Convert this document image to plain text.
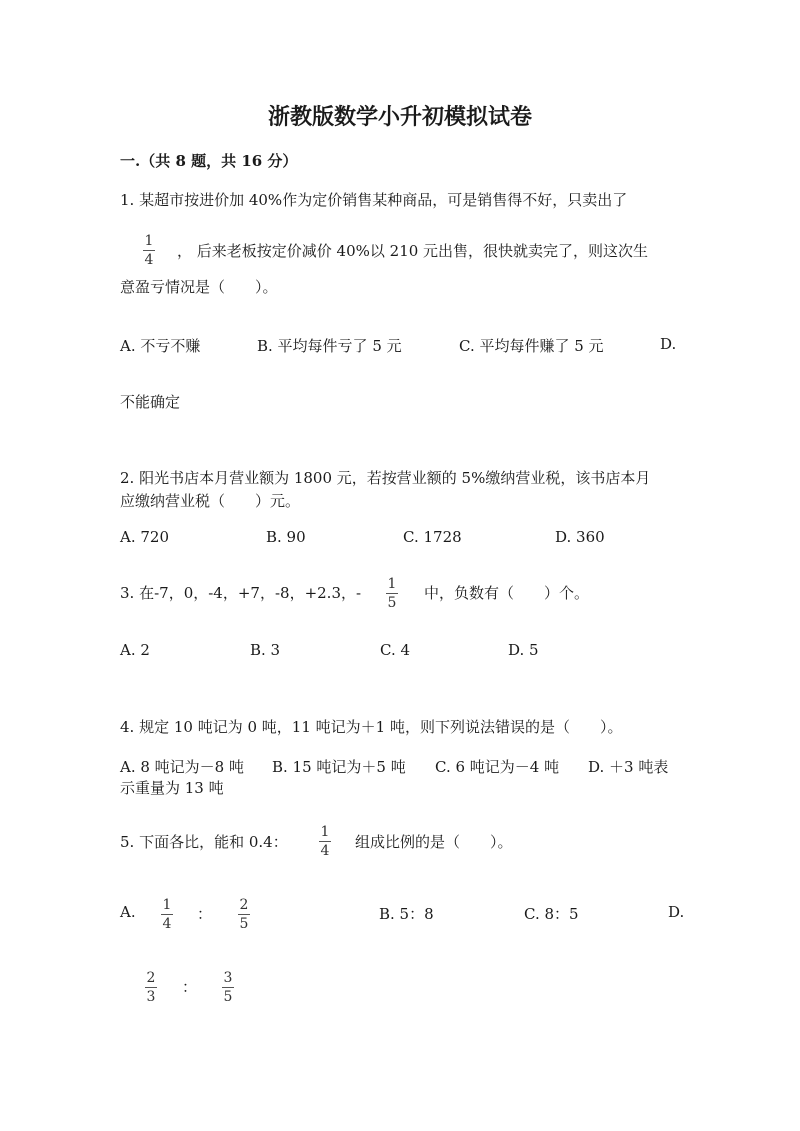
浙教版数学小升初模拟试卷
一.（共 8 题，共 16 分）
1. 某超市按进价加 40%作为定价销售某种商品，可是销售得不好，只卖出了
1
4 ， 后来老板按定价减价 40%以 210 元出售，很快就卖完了，则这次生
意盈亏情况是（　　）。
A. 不亏不赚	B. 平均每件亏了 5 元	C. 平均每件赚了 5 元	D.
不能确定
2. 阳光书店本月营业额为 1800 元，若按营业额的 5%缴纳营业税，该书店本月
应缴纳营业税（　　）元。
A. 720	B. 90	C. 1728	D. 360
3. 在-7，0，-4，+7，-8，+2.3，- 1
5
中，负数有（　　）个。
A. 2	B. 3	C. 4	D. 5
4. 规定 10 吨记为 0 吨，11 吨记为＋1 吨，则下列说法错误的是（　　）。
A. 8 吨记为－8 吨 B. 15 吨记为＋5 吨 C. 6 吨记为－4 吨 D. ＋3 吨表
示重量为 13 吨
5. 下面各比，能和 0.4：
1
4 组成比例的是（　　）。
A. 1
4
： 2
5
B. 5：8	C. 8：5	D.
2
3
： 3
5
